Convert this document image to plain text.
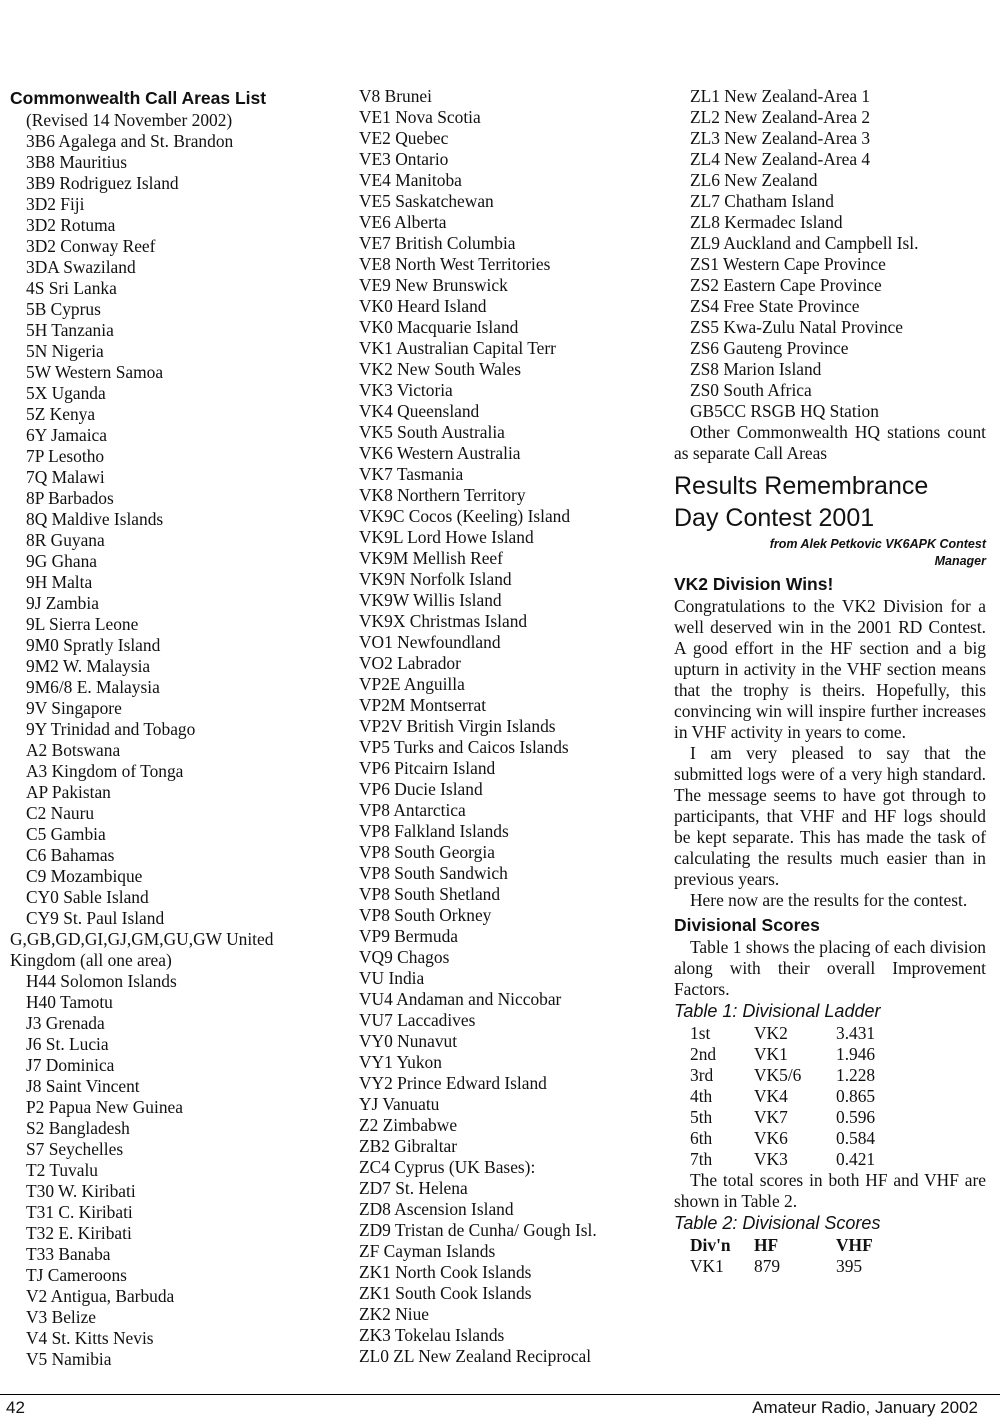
Commonwealth Call Areas List
(Revised 14 November 2002)
3B6 Agalega and St. Brandon
3B8 Mauritius
3B9 Rodriguez Island
3D2 Fiji
3D2 Rotuma
3D2 Conway Reef
3DA Swaziland
4S Sri Lanka
5B Cyprus
5H Tanzania
5N Nigeria
5W Western Samoa
5X Uganda
5Z Kenya
6Y Jamaica
7P Lesotho
7Q Malawi
8P Barbados
8Q Maldive Islands
8R Guyana
9G Ghana
9H Malta
9J Zambia
9L Sierra Leone
9M0 Spratly Island
9M2 W. Malaysia
9M6/8 E. Malaysia
9V Singapore
9Y Trinidad and Tobago
A2 Botswana
A3 Kingdom of Tonga
AP Pakistan
C2 Nauru
C5 Gambia
C6 Bahamas
C9 Mozambique
CY0 Sable Island
CY9 St. Paul Island
G,GB,GD,GI,GJ,GM,GU,GW United
Kingdom (all one area)
H44 Solomon Islands
H40 Tamotu
J3 Grenada
J6 St. Lucia
J7 Dominica
J8 Saint Vincent
P2 Papua New Guinea
S2 Bangladesh
S7 Seychelles
T2 Tuvalu
T30 W. Kiribati
T31 C. Kiribati
T32 E. Kiribati
T33 Banaba
TJ Cameroons
V2 Antigua, Barbuda
V3 Belize
V4 St. Kitts Nevis
V5 Namibia
V8 Brunei
VE1 Nova Scotia
VE2 Quebec
VE3 Ontario
VE4 Manitoba
VE5 Saskatchewan
VE6 Alberta
VE7 British Columbia
VE8 North West Territories
VE9 New Brunswick
VK0 Heard Island
VK0 Macquarie Island
VK1 Australian Capital Terr
VK2 New South Wales
VK3 Victoria
VK4 Queensland
VK5 South Australia
VK6 Western Australia
VK7 Tasmania
VK8 Northern Territory
VK9C Cocos (Keeling) Island
VK9L Lord Howe Island
VK9M Mellish Reef
VK9N Norfolk Island
VK9W Willis Island
VK9X Christmas Island
VO1 Newfoundland
VO2 Labrador
VP2E Anguilla
VP2M Montserrat
VP2V British Virgin Islands
VP5 Turks and Caicos Islands
VP6 Pitcairn Island
VP6 Ducie Island
VP8 Antarctica
VP8 Falkland Islands
VP8 South Georgia
VP8 South Sandwich
VP8 South Shetland
VP8 South Orkney
VP9 Bermuda
VQ9 Chagos
VU India
VU4 Andaman and Niccobar
VU7 Laccadives
VY0 Nunavut
VY1 Yukon
VY2 Prince Edward Island
YJ Vanuatu
Z2 Zimbabwe
ZB2 Gibraltar
ZC4 Cyprus (UK Bases):
ZD7 St. Helena
ZD8 Ascension Island
ZD9 Tristan de Cunha/ Gough Isl.
ZF Cayman Islands
ZK1 North Cook Islands
ZK1 South Cook Islands
ZK2 Niue
ZK3 Tokelau Islands
ZL0 ZL New Zealand Reciprocal
ZL1 New Zealand-Area 1
ZL2 New Zealand-Area 2
ZL3 New Zealand-Area 3
ZL4 New Zealand-Area 4
ZL6 New Zealand
ZL7 Chatham Island
ZL8 Kermadec Island
ZL9 Auckland and Campbell Isl.
ZS1 Western Cape Province
ZS2 Eastern Cape Province
ZS4 Free State Province
ZS5 Kwa-Zulu Natal Province
ZS6 Gauteng Province
ZS8 Marion Island
ZS0 South Africa
GB5CC RSGB HQ Station

Other Commonwealth HQ stations count as separate Call Areas

Results Remembrance
Day Contest 2001
from Alek Petkovic VK6APK Contest
Manager
VK2 Division Wins!

Congratulations to the VK2 Division for a well deserved win in the 2001 RD Contest. A good effort in the HF section and a big upturn in activity in the VHF section means that the trophy is theirs. Hopefully, this convincing win will inspire further increases in VHF activity in years to come.

I am very pleased to say that the submitted logs were of a very high standard. The message seems to have got through to participants, that VHF and HF logs should be kept separate. This has made the task of calculating the results much easier than in previous years.

Here now are the results for the contest.

Divisional Scores

Table 1 shows the placing of each division along with their overall Improvement Factors.

Table 1: Divisional Ladder
1st	VK2	3.431
2nd	VK1	1.946
3rd	VK5/6	1.228
4th	VK4	0.865
5th	VK7	0.596
6th	VK6	0.584
7th	VK3	0.421

The total scores in both HF and VHF are shown in Table 2.

Table 2: Divisional Scores
Div'n	HF	VHF
VK1	879	395
42	Amateur Radio, January 2002
